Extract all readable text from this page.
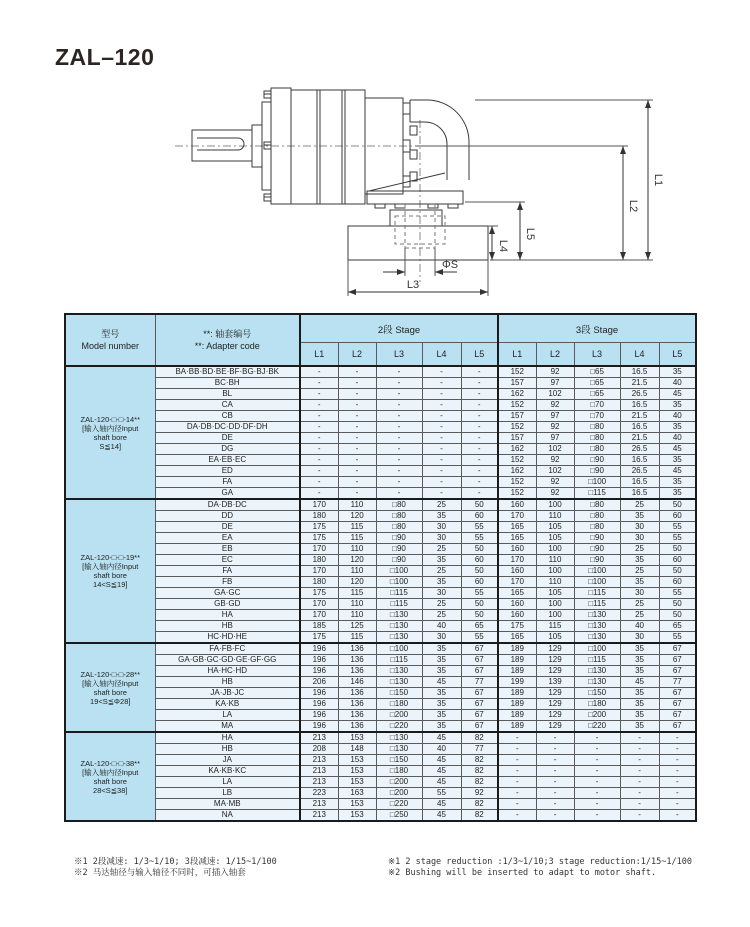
ZAL–120
L1
L2
L5
L4
ΦS
L3
型号
Model number

**: 轴套编号
**: Adapter code
	2段 Stage	3段 Stage
		L1	L2	L3	L4	L5	L1	L2	L3	L4	L5

ZAL-120-□-□-14**
[输入轴内径Input
shaft bore
S≦14]	BA·BB·BD·BE·BF·BG·BJ·BK	-	-	-	-	-	152	92	□65	16.5	35
	BC·BH	-	-	-	-	-	157	97	□65	21.5	40
	BL	-	-	-	-	-	162	102	□65	26.5	45
	CA	-	-	-	-	-	152	92	□70	16.5	35
	CB	-	-	-	-	-	157	97	□70	21.5	40
	DA·DB·DC·DD·DF·DH	-	-	-	-	-	152	92	□80	16.5	35
	DE	-	-	-	-	-	157	97	□80	21.5	40
	DG	-	-	-	-	-	162	102	□80	26.5	45
	EA·EB·EC	-	-	-	-	-	152	92	□90	16.5	35
	ED	-	-	-	-	-	162	102	□90	26.5	45
	FA	-	-	-	-	-	152	92	□100	16.5	35
	GA	-	-	-	-	-	152	92	□115	16.5	35

ZAL-120-□-□-19**
[输入轴内径Input
shaft bore
14<S≦19]	DA·DB·DC	170	110	□80	25	50	160	100	□80	25	50
	DD	180	120	□80	35	60	170	110	□80	35	60
	DE	175	115	□80	30	55	165	105	□80	30	55
	EA	175	115	□90	30	55	165	105	□90	30	55
	EB	170	110	□90	25	50	160	100	□90	25	50
	EC	180	120	□90	35	60	170	110	□90	35	60
	FA	170	110	□100	25	50	160	100	□100	25	50
	FB	180	120	□100	35	60	170	110	□100	35	60
	GA·GC	175	115	□115	30	55	165	105	□115	30	55
	GB·GD	170	110	□115	25	50	160	100	□115	25	50
	HA	170	110	□130	25	50	160	100	□130	25	50
	HB	185	125	□130	40	65	175	115	□130	40	65
	HC·HD·HE	175	115	□130	30	55	165	105	□130	30	55

ZAL-120-□-□-28**
[输入轴内径Input
shaft bore
19<S≦Φ28]	FA·FB·FC	196	136	□100	35	67	189	129	□100	35	67
	GA·GB·GC·GD·GE·GF·GG	196	136	□115	35	67	189	129	□115	35	67
	HA·HC·HD	196	136	□130	35	67	189	129	□130	35	67
	HB	206	146	□130	45	77	199	139	□130	45	77
	JA·JB·JC	196	136	□150	35	67	189	129	□150	35	67
	KA·KB	196	136	□180	35	67	189	129	□180	35	67
	LA	196	136	□200	35	67	189	129	□200	35	67
	MA	196	136	□220	35	67	189	129	□220	35	67

ZAL-120-□-□-38**
[输入轴内径Input
shaft bore
28<S≦38]	HA	213	153	□130	45	82	-	-	-	-	-
	HB	208	148	□130	40	77	-	-	-	-	-
	JA	213	153	□150	45	82	-	-	-	-	-
	KA·KB·KC	213	153	□180	45	82	-	-	-	-	-
	LA	213	153	□200	45	82	-	-	-	-	-
	LB	223	163	□200	55	92	-	-	-	-	-
	MA·MB	213	153	□220	45	82	-	-	-	-	-
	NA	213	153	□250	45	82	-	-	-	-	-
※1 2段减速: 1/3~1/10; 3段减速: 1/15~1/100
※2 马达轴径与输入轴径不同时，可插入轴套
※1 2 stage reduction :1/3~1/10;3 stage reduction:1/15~1/100
※2 Bushing will be inserted to adapt to motor shaft.
